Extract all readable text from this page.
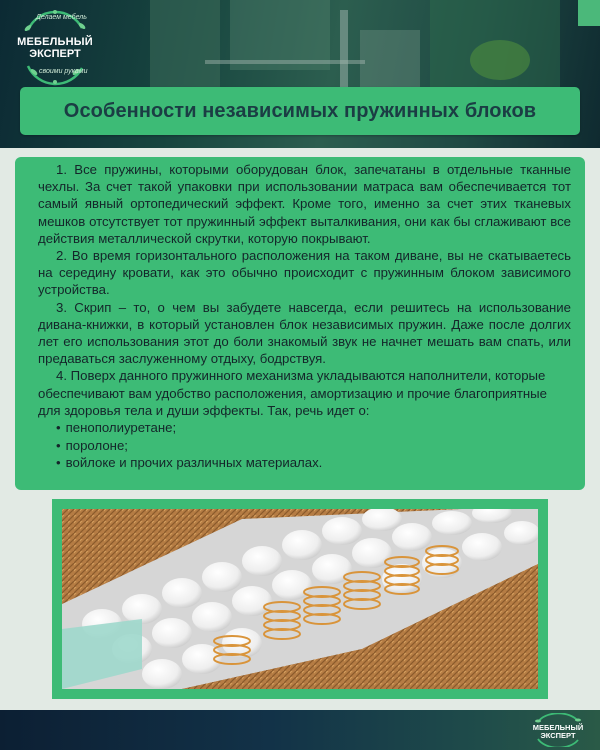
Делаем мебель
МЕБЕЛЬНЫЙ
ЭКСПЕРТ
своими руками
Особенности независимых пружинных блоков

1. Все пружины, которыми оборудован блок, запечатаны в отдельные тканные чехлы. За счет такой упаковки при использовании матраса вам обеспечивается тот самый явный ортопедический эффект. Кроме того, именно за счет этих тканевых мешков отсутствует тот пружинный эффект выталкивания, они как бы сглаживают все действия металлической скрутки, которую покрывают.

2. Во время горизонтального расположения на таком диване, вы не скатываетесь на середину кровати, как это обычно происходит с пружинным блоком зависимого устройства.

3. Скрип – то, о чем вы забудете навсегда, если решитесь на использование дивана-книжки, в который установлен блок независимых пружин. Даже после долгих лет его использования этот до боли знакомый звук не начнет мешать вам спать, или предаваться заслуженному отдыху, бодрствуя.

4. Поверх данного пружинного механизма укладываются наполнители, которые обеспечивают вам удобство расположения, амортизацию и прочие благоприятные для здоровья тела и души эффекты. Так, речь идет о:

• пенополиуретане;
• поролоне;
• войлоке и прочих различных материалах.
МЕБЕЛЬНЫЙ
ЭКСПЕРТ
